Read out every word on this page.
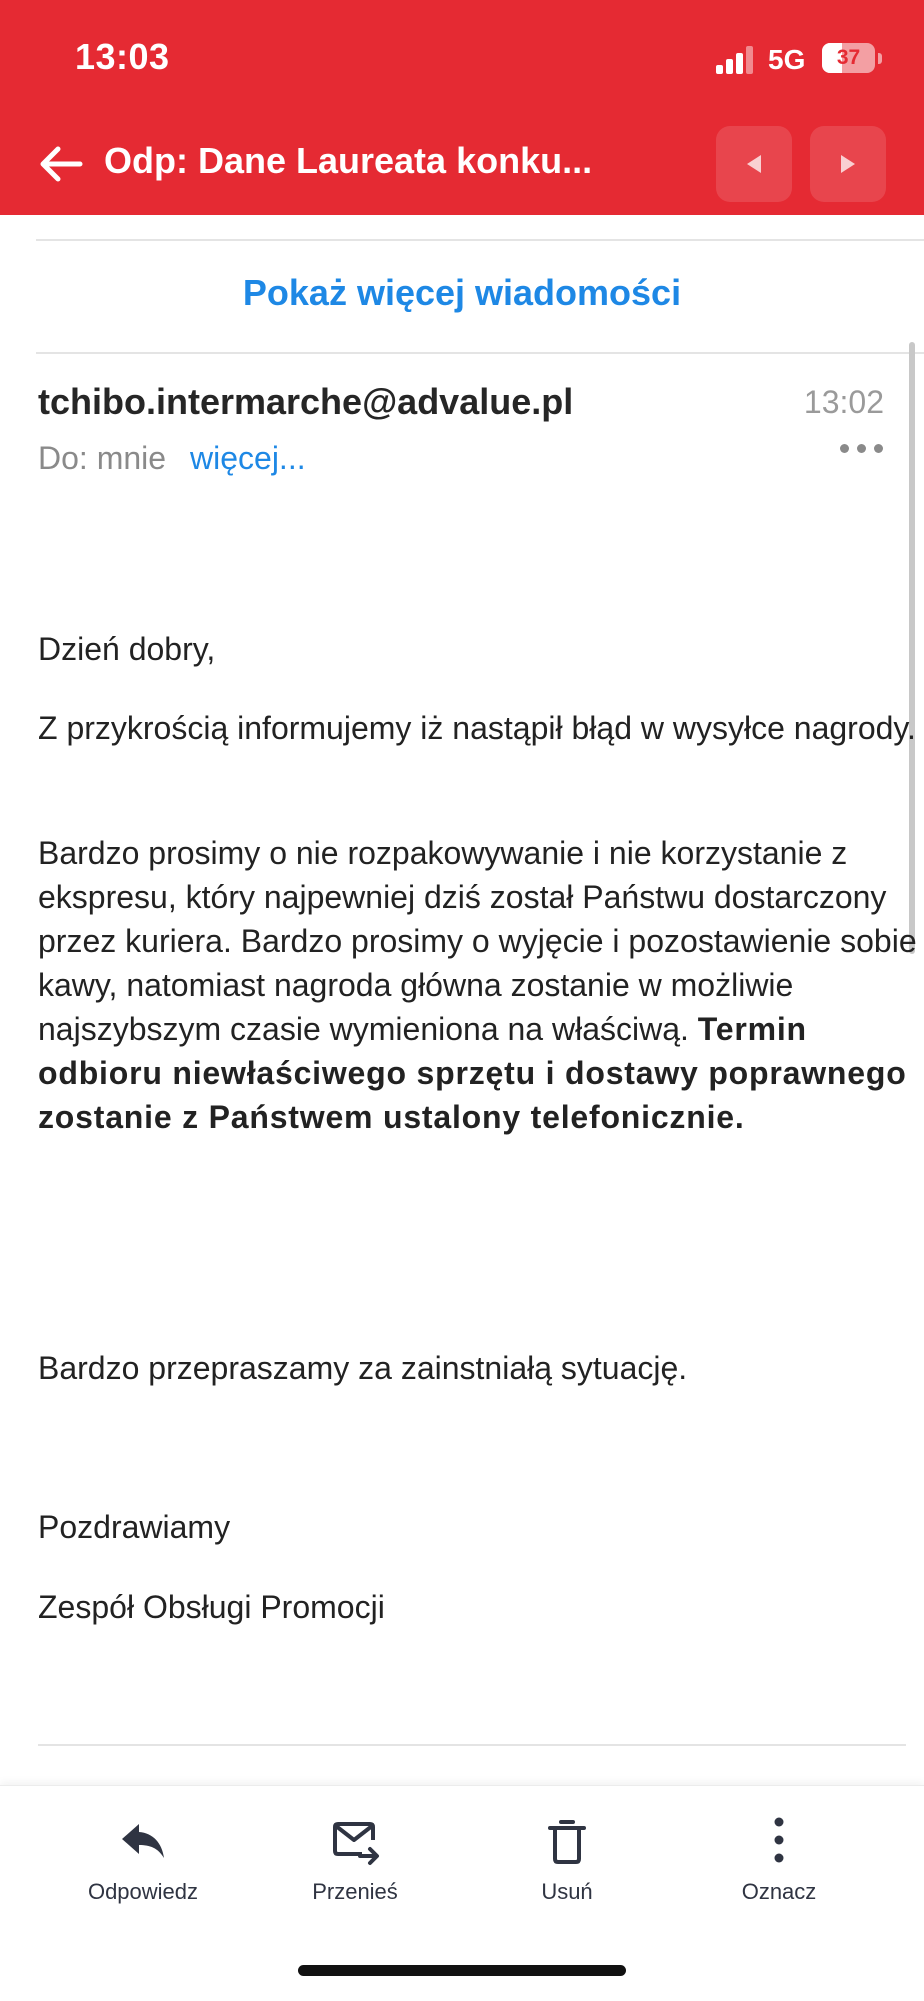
13:03	5G	37
Odp: Dane Laureata konku...
Pokaż więcej wiadomości
tchibo.intermarche@advalue.pl	13:02
Do: mnie więcej...
Dzień dobry,
Z przykrością informujemy iż nastąpił błąd w wysyłce nagrody.
Bardzo prosimy o nie rozpakowywanie i nie korzystanie z ekspresu, który najpewniej dziś został Państwu dostarczony przez kuriera. Bardzo prosimy o wyjęcie i pozostawienie sobie kawy, natomiast nagroda główna zostanie w możliwie najszybszym czasie wymieniona na właściwą. Termin odbioru niewłaściwego sprzętu i dostawy poprawnego zostanie z Państwem ustalony telefonicznie.
Bardzo przepraszamy za zainstniałą sytuację.
Pozdrawiamy
Zespół Obsługi Promocji
Odpowiedz	Przenieś	Usuń	Oznacz
